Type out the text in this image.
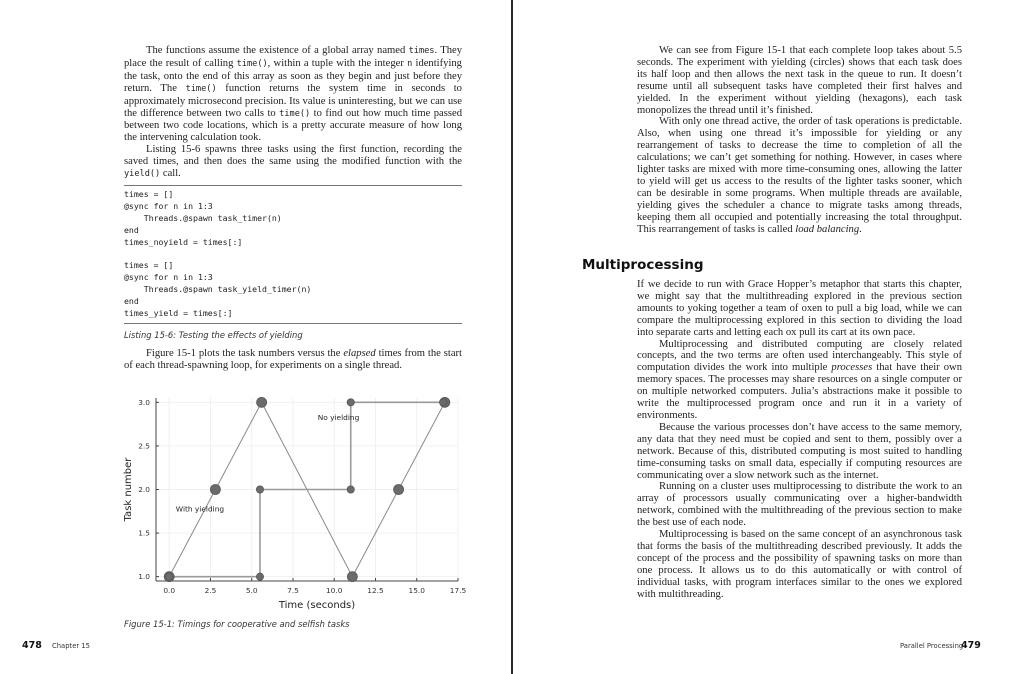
The functions assume the existence of a global array named times. They place the result of calling time(), within a tuple with the integer n identifying the task, onto the end of this array as soon as they begin and just before they return. The time() function returns the system time in seconds to approximately microsecond precision. Its value is uninteresting, but we can use the difference between two calls to time() to find out how much time passed between two code locations, which is a pretty accurate measure of how long the intervening calculation took.

Listing 15-6 spawns three tasks using the first function, recording the saved times, and then does the same using the modified function with the yield() call.

times = []
@sync for n in 1:3
Threads.@spawn task_timer(n)
end
times_noyield = times[:]
times = []
@sync for n in 1:3
Threads.@spawn task_yield_timer(n)
end
times_yield = times[:]
Listing 15-6: Testing the effects of yielding

Figure 15-1 plots the task numbers versus the elapsed times from the start of each thread-spawning loop, for experiments on a single thread.

0.0	2.5	5.0	7.5	10.0	12.5	15.0	17.5
1.0
1.5
2.0
2.5
3.0
Time (seconds)
Task number	With yielding
No yielding
Figure 15-1: Timings for cooperative and selfish tasks
478 Chapter 15

We can see from Figure 15-1 that each complete loop takes about 5.5 seconds. The experiment with yielding (circles) shows that each task does its half loop and then allows the next task in the queue to run. It doesn’t resume until all subsequent tasks have completed their first halves and yielded. In the experiment without yielding (hexagons), each task monopolizes the thread until it’s finished.

With only one thread active, the order of task operations is predictable. Also, when using one thread it’s impossible for yielding or any rearrangement of tasks to decrease the time to completion of all the calculations; we can’t get something for nothing. However, in cases where lighter tasks are mixed with more time-consuming ones, allowing the latter to yield will get us access to the results of the lighter tasks sooner, which can be desirable in some programs. When multiple threads are available, yielding gives the scheduler a chance to migrate tasks among threads, keeping them all occupied and potentially increasing the total throughput. This rearrangement of tasks is called load balancing.

Multiprocessing

If we decide to run with Grace Hopper’s metaphor that starts this chapter, we might say that the multithreading explored in the previous section amounts to yoking together a team of oxen to pull a big load, while we can compare the multiprocessing explored in this section to dividing the load into separate carts and letting each ox pull its cart at its own pace.

Multiprocessing and distributed computing are closely related concepts, and the two terms are often used interchangeably. This style of computation divides the work into multiple processes that have their own memory spaces. The processes may share resources on a single computer or on multiple networked computers. Julia’s abstractions make it possible to write the multiprocessed program once and run it in a variety of environments.

Because the various processes don’t have access to the same memory, any data that they need must be copied and sent to them, possibly over a network. Because of this, distributed computing is most suited to handling time-consuming tasks on small data, especially if computing resources are communicating over a slow network such as the internet.

Running on a cluster uses multiprocessing to distribute the work to an array of processors usually communicating over a higher-bandwidth network, combined with the multithreading of the previous section to make the best use of each node.

Multiprocessing is based on the same concept of an asynchronous task that forms the basis of the multithreading described previously. It adds the concept of the process and the possibility of spawning tasks on more than one process. It allows us to do this automatically or with control of individual tasks, with program interfaces similar to the ones we explored with multithreading.

Parallel Processing
479
